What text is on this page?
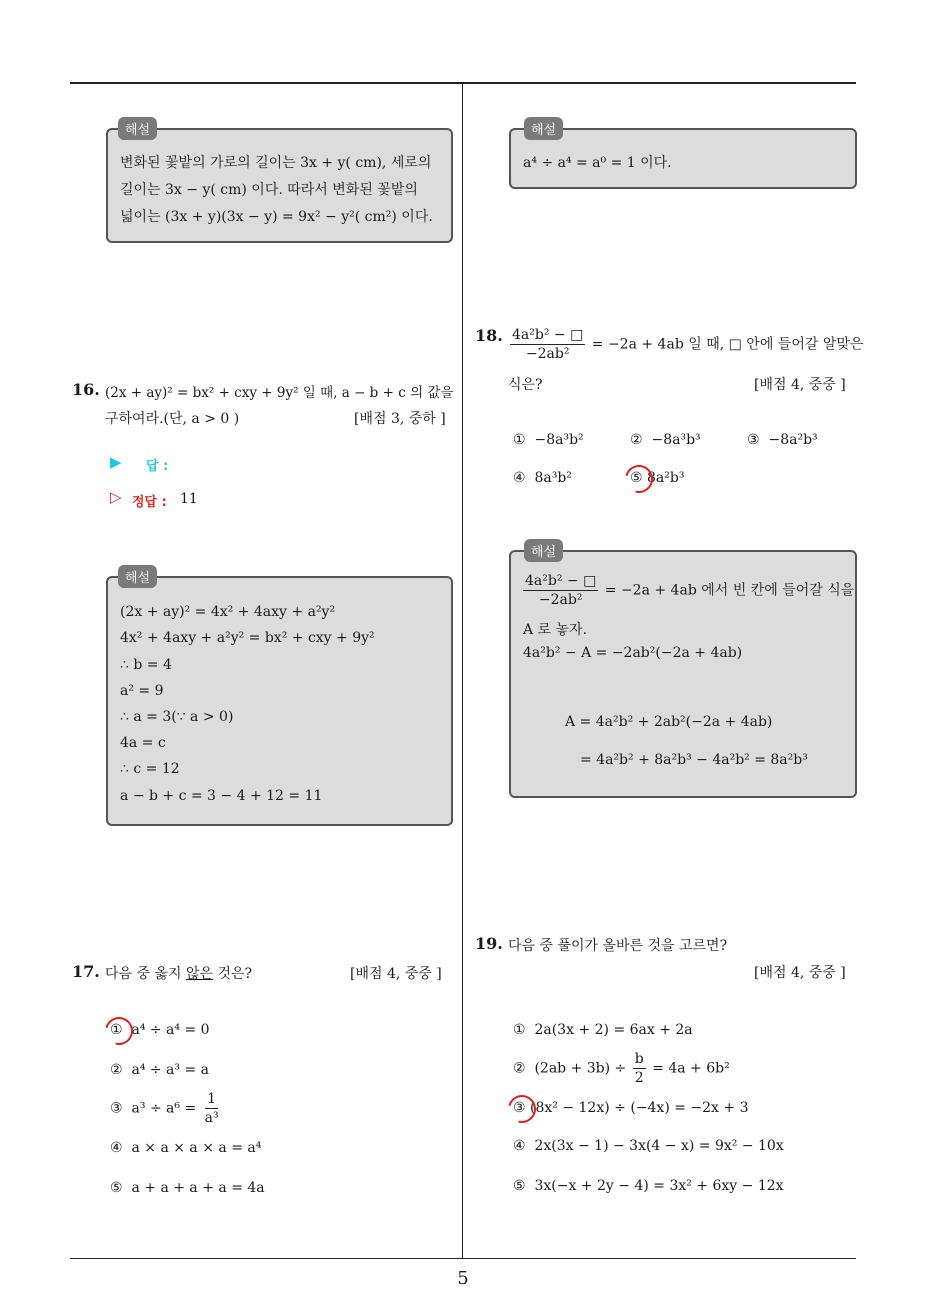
5
해설
변화된 꽃밭의 가로의 길이는 3x + y( cm), 세로의
길이는 3x − y( cm) 이다. 따라서 변화된 꽃밭의
넓이는 (3x + y)(3x − y) = 9x² − y²( cm²) 이다.
16. (2x + ay)² = bx² + cxy + 9y² 일 때, a − b + c 의 값을
구하여라.(단, a > 0 )	[배점 3, 중하 ]
▶ 답 :
▷ 정답 : 11
해설
(2x + ay)² = 4x² + 4axy + a²y²
4x² + 4axy + a²y² = bx² + cxy + 9y²
∴ b = 4
a² = 9
∴ a = 3(∵ a > 0)
4a = c
∴ c = 12
a − b + c = 3 − 4 + 12 = 11
17. 다음 중 옳지 않은 것은?	[배점 4, 중중 ]
① a⁴ ÷ a⁴ = 0
② a⁴ ÷ a³ = a
③ $a^3 \div a^6 = \frac{1}{\text{a³}}$
④ a × a × a × a = a⁴
⑤ a + a + a + a = 4a
해설
a⁴ ÷ a⁴ = a⁰ = 1 이다.
18. $\frac{\text{4a²b² − □}}{\text{−2ab²}} = -2a + 4ab$ 일 때, □ 안에 들어갈 알맞은
식은?	[배점 4, 중중 ]
① −8a³b²	② −8a³b³	③ −8a²b³
④ 8a³b²	⑤ 8a²b³
해설
$\frac{\text{4a²b² − □}}{\text{−2ab²}} = -2a + 4ab$ 에서 빈 칸에 들어갈 식을
A 로 놓자.
4a²b² − A = −2ab²(−2a + 4ab)
A = 4a²b² + 2ab²(−2a + 4ab)
= 4a²b² + 8a²b³ − 4a²b² = 8a²b³
19. 다음 중 풀이가 올바른 것을 고르면?
[배점 4, 중중 ]
① 2a(3x + 2) = 6ax + 2a
② $(2ab + 3b) \div \frac{b}{2} = 4a + 6b^2$
③ (8x² − 12x) ÷ (−4x) = −2x + 3
④ 2x(3x − 1) − 3x(4 − x) = 9x² − 10x
⑤ 3x(−x + 2y − 4) = 3x² + 6xy − 12x
